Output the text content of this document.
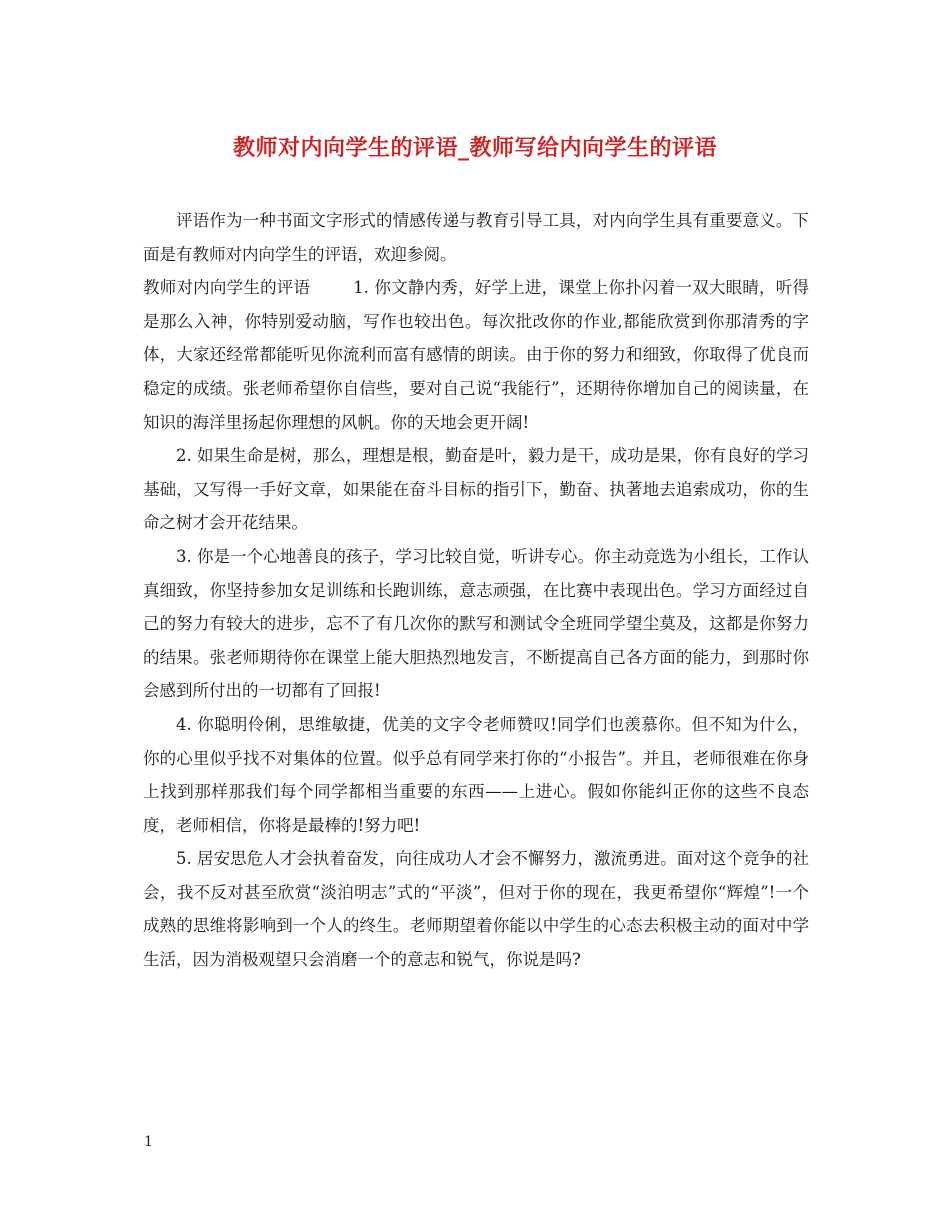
教师对内向学生的评语_教师写给内向学生的评语

评语作为一种书面文字形式的情感传递与教育引导工具，对内向学生具有重要意义。下面是有教师对内向学生的评语，欢迎参阅。

教师对内向学生的评语	1. 你文静内秀，好学上进，课堂上你扑闪着一双大眼睛，听得是那么入神，你特别爱动脑，写作也较出色。每次批改你的作业,都能欣赏到你那清秀的字体，大家还经常都能听见你流利而富有感情的朗读。由于你的努力和细致，你取得了优良而稳定的成绩。张老师希望你自信些，要对自己说“我能行”，还期待你增加自己的阅读量，在知识的海洋里扬起你理想的风帆。你的天地会更开阔!

2. 如果生命是树，那么，理想是根，勤奋是叶，毅力是干，成功是果，你有良好的学习基础，又写得一手好文章，如果能在奋斗目标的指引下，勤奋、执著地去追索成功，你的生命之树才会开花结果。

3. 你是一个心地善良的孩子，学习比较自觉，听讲专心。你主动竞选为小组长，工作认真细致，你坚持参加女足训练和长跑训练，意志顽强，在比赛中表现出色。学习方面经过自己的努力有较大的进步，忘不了有几次你的默写和测试令全班同学望尘莫及，这都是你努力的结果。张老师期待你在课堂上能大胆热烈地发言，不断提高自己各方面的能力，到那时你会感到所付出的一切都有了回报!

4. 你聪明伶俐，思维敏捷，优美的文字令老师赞叹!同学们也羡慕你。但不知为什么，你的心里似乎找不对集体的位置。似乎总有同学来打你的“小报告”。并且，老师很难在你身上找到那样那我们每个同学都相当重要的东西——上进心。假如你能纠正你的这些不良态度，老师相信，你将是最棒的!努力吧!

5. 居安思危人才会执着奋发，向往成功人才会不懈努力，激流勇进。面对这个竞争的社会，我不反对甚至欣赏“淡泊明志”式的“平淡”，但对于你的现在，我更希望你“辉煌”!一个成熟的思维将影响到一个人的终生。老师期望着你能以中学生的心态去积极主动的面对中学生活，因为消极观望只会消磨一个的意志和锐气，你说是吗?

1
